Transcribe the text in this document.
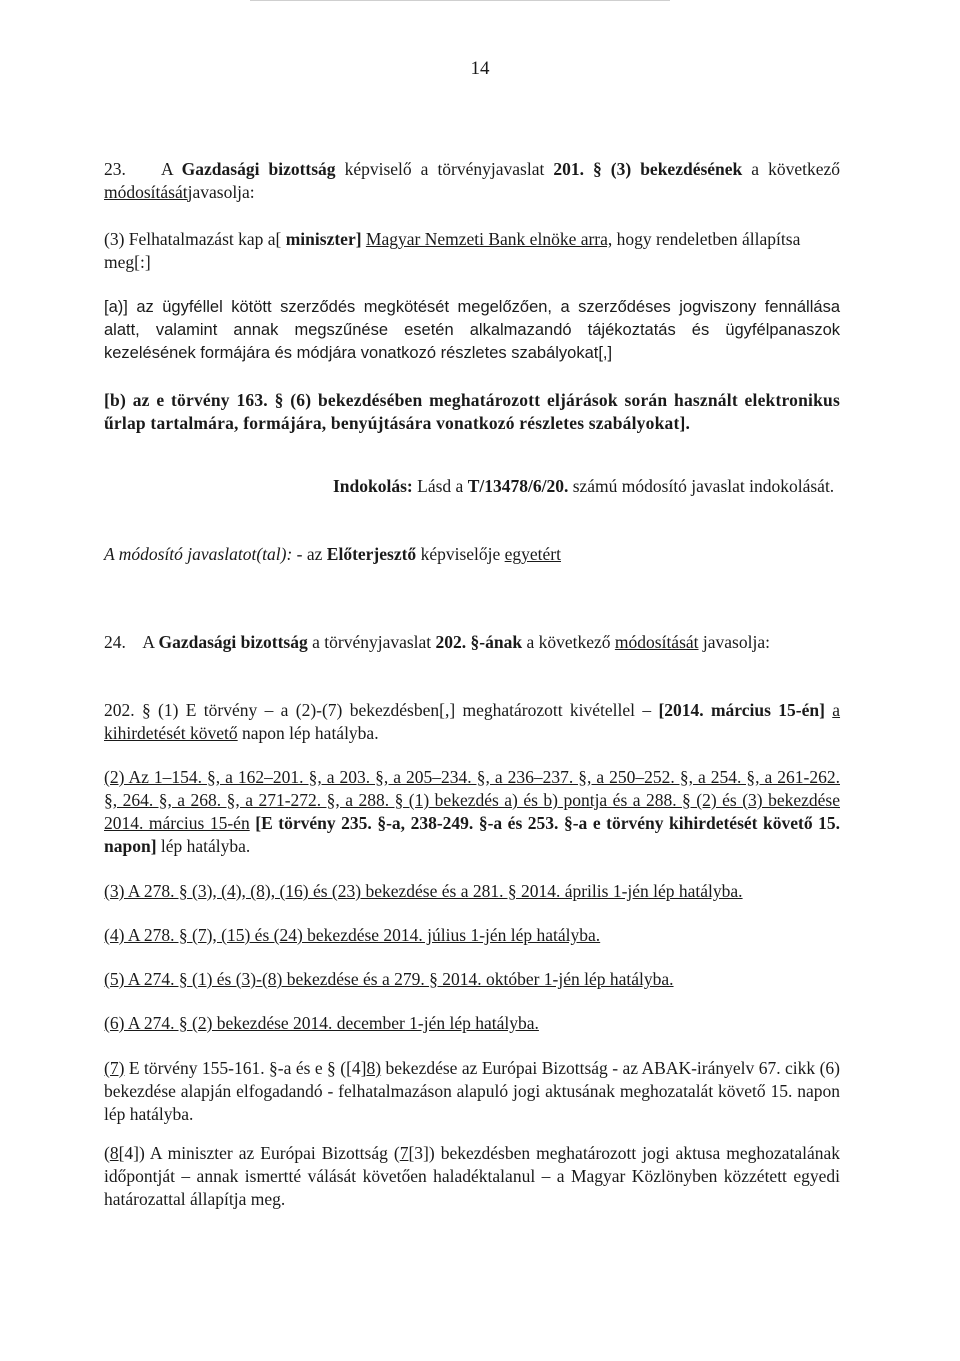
14

23. A Gazdasági bizottság képviselő a törvényjavaslat 201. § (3) bekezdésének a következő módosításátjavasolja:

(3) Felhatalmazást kap a[ miniszter] Magyar Nemzeti Bank elnöke arra, hogy rendeletben állapítsa meg[:]

[a)] az ügyféllel kötött szerződés megkötését megelőzően, a szerződéses jogviszony fennállása alatt, valamint annak megszűnése esetén alkalmazandó tájékoztatás és ügyfélpanaszok kezelésének formájára és módjára vonatkozó részletes szabályokat[,]

[b) az e törvény 163. § (6) bekezdésében meghatározott eljárások során használt elektronikus űrlap tartalmára, formájára, benyújtására vonatkozó részletes szabályokat].

Indokolás: Lásd a T/13478/6/20. számú módosító javaslat indokolását.

A módosító javaslatot(tal): - az Előterjesztő képviselője egyetért

24. A Gazdasági bizottság a törvényjavaslat 202. §-ának a következő módosítását javasolja:

202. § (1) E törvény – a (2)-(7) bekezdésben[,] meghatározott kivétellel – [2014. március 15-én] a kihirdetését követő napon lép hatályba.

(2) Az 1–154. §, a 162–201. §, a 203. §, a 205–234. §, a 236–237. §, a 250–252. §, a 254. §, a 261-262. §, 264. §, a 268. §, a 271-272. §, a 288. § (1) bekezdés a) és b) pontja és a 288. § (2) és (3) bekezdése 2014. március 15-én [E törvény 235. §-a, 238-249. §-a és 253. §-a e törvény kihirdetését követő 15. napon] lép hatályba.

(3) A 278. § (3), (4), (8), (16) és (23) bekezdése és a 281. § 2014. április 1-jén lép hatályba.

(4) A 278. § (7), (15) és (24) bekezdése 2014. július 1-jén lép hatályba.

(5) A 274. § (1) és (3)-(8) bekezdése és a 279. § 2014. október 1-jén lép hatályba.

(6) A 274. § (2) bekezdése 2014. december 1-jén lép hatályba.

(7) E törvény 155-161. §-a és e § ([4]8) bekezdése az Európai Bizottság - az ABAK-irányelv 67. cikk (6) bekezdése alapján elfogadandó - felhatalmazáson alapuló jogi aktusának meghozatalát követő 15. napon lép hatályba.

(8[4]) A miniszter az Európai Bizottság (7[3]) bekezdésben meghatározott jogi aktusa meghozatalának időpontját – annak ismertté válását követően haladéktalanul – a Magyar Közlönyben közzétett egyedi határozattal állapítja meg.
